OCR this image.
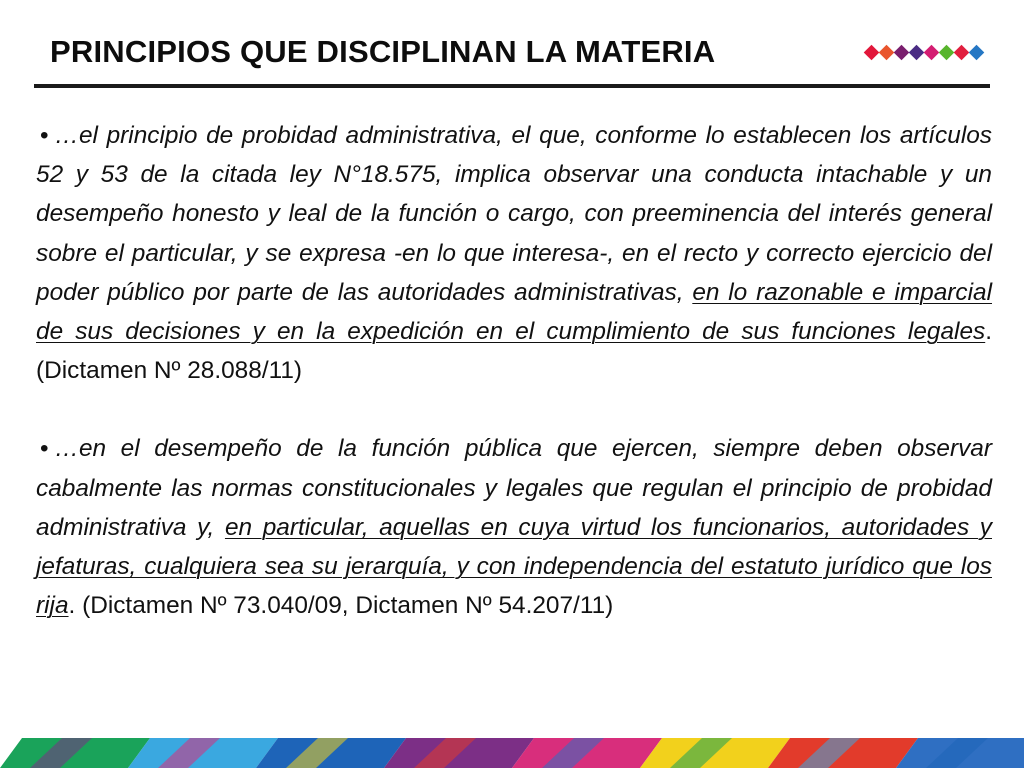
PRINCIPIOS QUE DISCIPLINAN LA MATERIA

• …el principio de probidad administrativa, el que, conforme lo establecen los artículos 52 y 53 de la citada ley N°18.575, implica observar una conducta intachable y un desempeño honesto y leal de la función o cargo, con preeminencia del interés general sobre el particular, y se expresa -en lo que interesa-, en el recto y correcto ejercicio del poder público por parte de las autoridades administrativas, en lo razonable e imparcial de sus decisiones y en la expedición en el cumplimiento de sus funciones legales. (Dictamen Nº 28.088/11)

• …en el desempeño de la función pública que ejercen, siempre deben observar cabalmente las normas constitucionales y legales que regulan el principio de probidad administrativa y, en particular, aquellas en cuya virtud los funcionarios, autoridades y jefaturas, cualquiera sea su jerarquía, y con independencia del estatuto jurídico que los rija. (Dictamen Nº 73.040/09, Dictamen Nº 54.207/11)
